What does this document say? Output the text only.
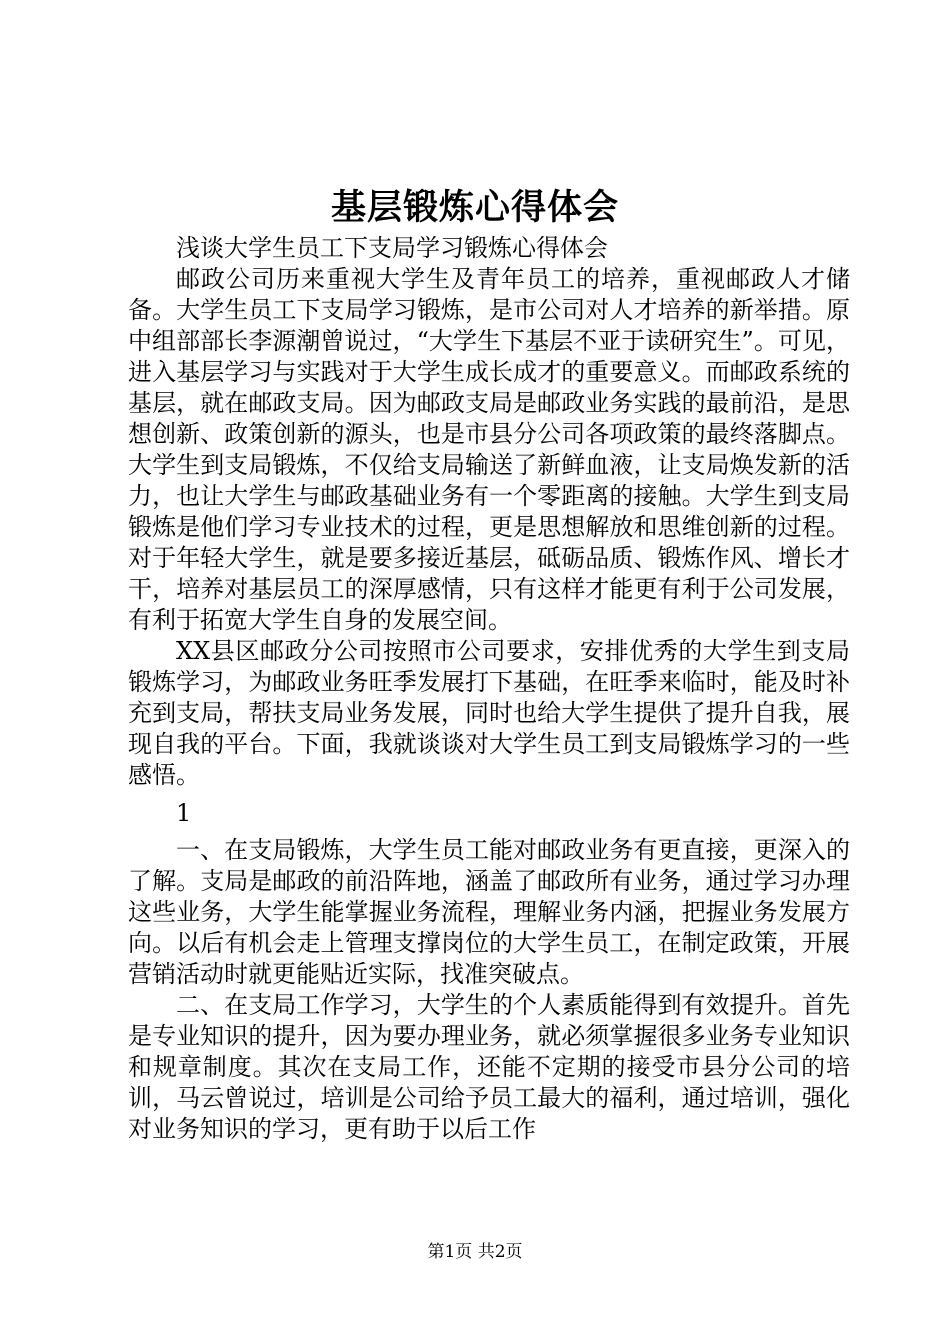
基层锻炼心得体会

浅谈大学生员工下支局学习锻炼心得体会

邮政公司历来重视大学生及青年员工的培养，重视邮政人才储备。大学生员工下支局学习锻炼，是市公司对人才培养的新举措。原中组部部长李源潮曾说过，“大学生下基层不亚于读研究生”。可见，进入基层学习与实践对于大学生成长成才的重要意义。而邮政系统的基层，就在邮政支局。因为邮政支局是邮政业务实践的最前沿，是思想创新、政策创新的源头，也是市县分公司各项政策的最终落脚点。大学生到支局锻炼，不仅给支局输送了新鲜血液，让支局焕发新的活力，也让大学生与邮政基础业务有一个零距离的接触。大学生到支局锻炼是他们学习专业技术的过程，更是思想解放和思维创新的过程。对于年轻大学生，就是要多接近基层，砥砺品质、锻炼作风、增长才干，培养对基层员工的深厚感情，只有这样才能更有利于公司发展，有利于拓宽大学生自身的发展空间。

XX县区邮政分公司按照市公司要求，安排优秀的大学生到支局锻炼学习，为邮政业务旺季发展打下基础，在旺季来临时，能及时补充到支局，帮扶支局业务发展，同时也给大学生提供了提升自我，展现自我的平台。下面，我就谈谈对大学生员工到支局锻炼学习的一些感悟。

1

一、在支局锻炼，大学生员工能对邮政业务有更直接，更深入的了解。支局是邮政的前沿阵地，涵盖了邮政所有业务，通过学习办理这些业务，大学生能掌握业务流程，理解业务内涵，把握业务发展方向。以后有机会走上管理支撑岗位的大学生员工，在制定政策，开展营销活动时就更能贴近实际，找准突破点。

二、在支局工作学习，大学生的个人素质能得到有效提升。首先是专业知识的提升，因为要办理业务，就必须掌握很多业务专业知识和规章制度。其次在支局工作，还能不定期的接受市县分公司的培训，马云曾说过，培训是公司给予员工最大的福利，通过培训，强化对业务知识的学习，更有助于以后工作

第1页 共2页
